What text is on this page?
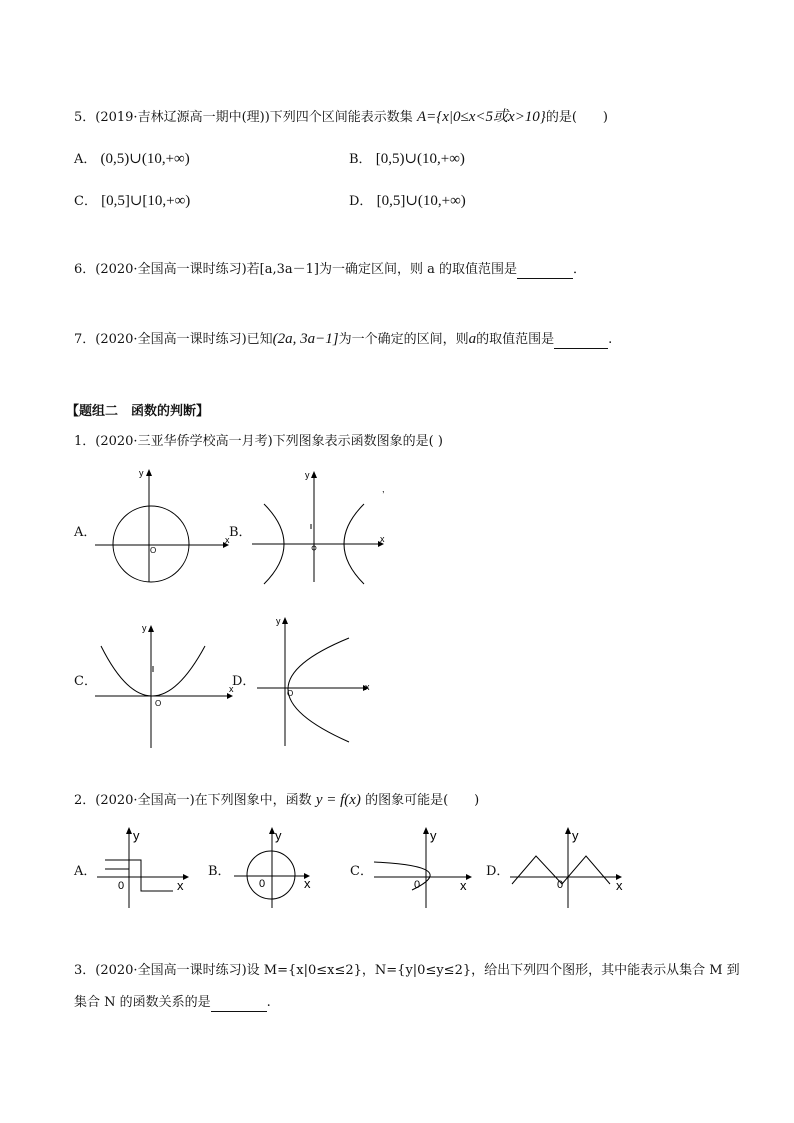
5．(2019·吉林辽源高一期中(理))下列四个区间能表示数集 A={x|0≤x<5或x>10}的是(　　)
A． (0,5)∪(10,+∞)	B． [0,5)∪(10,+∞)
C． [0,5]∪[10,+∞)	D． [0,5]∪(10,+∞)
6．(2020·全国高一课时练习)若[a,3a－1]为一确定区间，则 a 的取值范围是	．
7．(2020·全国高一课时练习)已知(2a, 3a−1]为一个确定的区间，则a的取值范围是	.
【题组二　函数的判断】
1．(2020·三亚华侨学校高一月考)下列图象表示函数图象的是( )
A．	B．
C．	D．
x
y
O
x
y
,
x
y
O
x
y
O
2．(2020·全国高一)在下列图象中，函数 y = f(x) 的图象可能是(　　)
A．	B．	C．	D．
x
y
0	x
y
0	x
y
0	x
y
0
3．(2020·全国高一课时练习)设 M={x|0≤x≤2}，N={y|0≤y≤2}，给出下列四个图形，其中能表示从集合 M 到
集合 N 的函数关系的是	.
